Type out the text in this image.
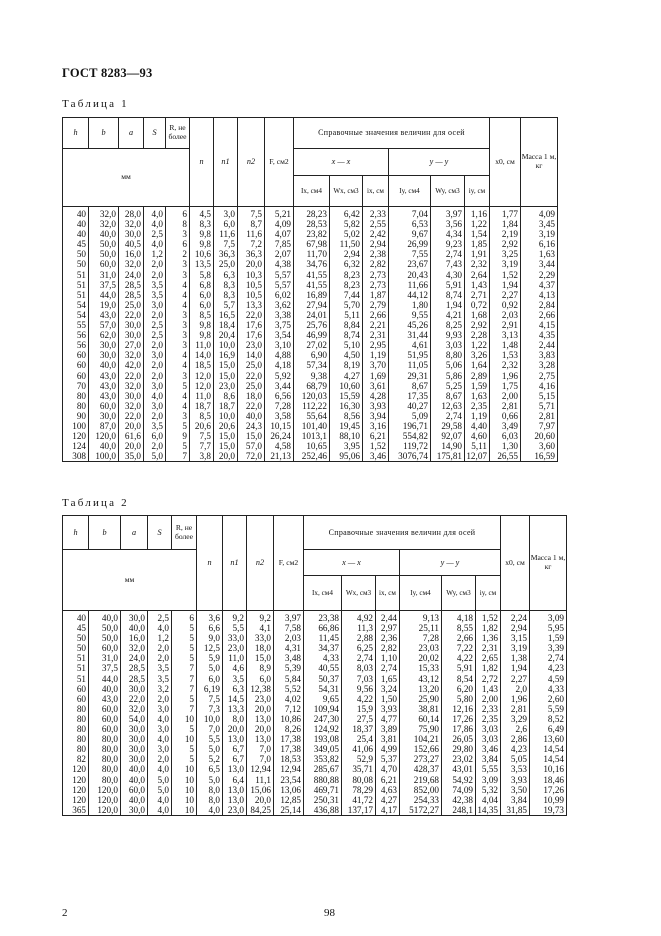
ГОСТ 8283—93
Таблица 1
h	b	a	S	R, не более	n	n1	n2	F, см2	Справочные значения величин для осей						x0, см	Масса 1 м, кг
мм									x — x			y — y				
									Ix, см4	Wx, см3	ix, см	Iy, см4	Wy, см3	iy, см		
40	32,0	28,0	4,0	6	4,5	3,0	7,5	5,21	28,23	6,42	2,33	7,04	3,97	1,16	1,77	4,09
40	32,0	32,0	4,0	8	8,3	6,0	8,7	4,09	28,53	5,82	2,55	6,53	3,56	1,22	1,84	3,45
40	40,0	30,0	2,5	3	9,8	11,6	11,6	4,07	23,82	5,02	2,42	9,67	4,34	1,54	2,19	3,19
45	50,0	40,5	4,0	6	9,8	7,5	7,2	7,85	67,98	11,50	2,94	26,99	9,23	1,85	2,92	6,16
50	50,0	16,0	1,2	2	10,6	36,3	36,3	2,07	11,70	2,94	2,38	7,55	2,74	1,91	3,25	1,63
50	60,0	32,0	2,0	3	13,5	25,0	20,0	4,38	34,76	6,32	2,82	23,67	7,43	2,32	3,19	3,44
51	31,0	24,0	2,0	3	5,8	6,3	10,3	5,57	41,55	8,23	2,73	20,43	4,30	2,64	1,52	2,29
51	37,5	28,5	3,5	4	6,8	8,3	10,5	5,57	41,55	8,23	2,73	11,66	5,91	1,43	1,94	4,37
51	44,0	28,5	3,5	4	6,0	8,3	10,5	6,02	16,89	7,44	1,87	44,12	8,74	2,71	2,27	4,13
54	19,0	25,0	3,0	4	6,0	5,7	13,3	3,62	27,94	5,70	2,79	1,80	1,94	0,72	0,92	2,84
54	43,0	22,0	2,0	3	8,5	16,5	22,0	3,38	24,01	5,11	2,66	9,55	4,21	1,68	2,03	2,66
55	57,0	30,0	2,5	3	9,8	18,4	17,6	3,75	25,76	8,84	2,21	45,26	8,25	2,92	2,91	4,15
56	62,0	30,0	2,5	3	9,8	20,4	17,6	3,54	46,99	8,74	2,31	31,44	9,93	2,28	3,13	4,35
56	30,0	27,0	2,0	3	11,0	10,0	23,0	3,10	27,02	5,10	2,95	4,61	3,03	1,22	1,48	2,44
60	30,0	32,0	3,0	4	14,0	16,9	14,0	4,88	6,90	4,50	1,19	51,95	8,80	3,26	1,53	3,83
60	40,0	42,0	2,0	4	18,5	15,0	25,0	4,18	57,34	8,19	3,70	11,05	5,06	1,64	2,32	3,28
60	43,0	22,0	2,0	3	12,0	15,0	22,0	5,92	9,38	4,27	1,69	29,31	5,86	2,89	1,96	2,75
70	43,0	32,0	3,0	5	12,0	23,0	25,0	3,44	68,79	10,60	3,61	8,67	5,25	1,59	1,75	4,16
80	43,0	30,0	4,0	4	11,0	8,6	18,0	6,56	120,03	15,59	4,28	17,35	8,67	1,63	2,00	5,15
80	60,0	32,0	3,0	4	18,7	18,7	22,0	7,28	112,22	16,30	3,93	40,27	12,63	2,35	2,81	5,71
90	30,0	22,0	2,0	3	8,5	10,0	40,0	3,58	55,64	8,56	3,94	5,09	2,74	1,19	0,66	2,81
100	87,0	20,0	3,5	5	20,6	20,6	24,3	10,15	101,40	19,45	3,16	196,71	29,58	4,40	3,49	7,97
120	120,0	61,6	6,0	9	7,5	15,0	15,0	26,24	1013,1	88,10	6,21	554,82	92,07	4,60	6,03	20,60
124	40,0	20,0	2,0	5	7,7	15,0	57,0	4,58	10,65	3,95	1,52	119,72	14,90	5,11	1,30	3,60
308	100,0	35,0	5,0	7	3,8	20,0	72,0	21,13	252,46	95,06	3,46	3076,74	175,81	12,07	26,55	16,59
Таблица 2
h	b	a	S	R, не более	n	n1	n2	F, см2	Справочные значения величин для осей						x0, см	Масса 1 м, кг
мм									x — x			y — y				
									Ix, см4	Wx, см3	ix, см	Iy, см4	Wy, см3	iy, см		
40	40,0	30,0	2,5	6	3,6	9,2	9,2	3,97	23,38	4,92	2,44	9,13	4,18	1,52	2,24	3,09
45	50,0	40,0	4,0	5	6,6	5,5	4,1	7,58	66,86	11,3	2,97	25,11	8,55	1,82	2,94	5,95
50	50,0	16,0	1,2	5	9,0	33,0	33,0	2,03	11,45	2,88	2,36	7,28	2,66	1,36	3,15	1,59
50	60,0	32,0	2,0	5	12,5	23,0	18,0	4,31	34,37	6,25	2,82	23,03	7,22	2,31	3,19	3,39
51	31,0	24,0	2,0	5	5,9	11,0	15,0	3,48	4,33	2,74	1,10	20,02	4,22	2,65	1,38	2,74
51	37,5	28,5	3,5	7	5,0	4,6	8,9	5,39	40,55	8,03	2,74	15,33	5,91	1,82	1,94	4,23
51	44,0	28,5	3,5	7	6,0	3,5	6,0	5,84	50,37	7,03	1,65	43,12	8,54	2,72	2,27	4,59
60	40,0	30,0	3,2	7	6,19	6,3	12,38	5,52	54,31	9,56	3,24	13,20	6,20	1,43	2,0	4,33
60	43,0	22,0	2,0	5	7,5	14,5	23,0	4,02	9,65	4,22	1,50	25,90	5,80	2,00	1,96	2,60
80	60,0	32,0	3,0	7	7,3	13,3	20,0	7,12	109,94	15,9	3,93	38,81	12,16	2,33	2,81	5,59
80	60,0	54,0	4,0	10	10,0	8,0	13,0	10,86	247,30	27,5	4,77	60,14	17,26	2,35	3,29	8,52
80	60,0	30,0	3,0	5	7,0	20,0	20,0	8,26	124,92	18,37	3,89	75,90	17,86	3,03	2,6	6,49
80	80,0	30,0	4,0	10	5,5	13,0	13,0	17,38	193,08	25,4	3,81	104,21	26,05	3,03	2,86	13,60
80	80,0	30,0	3,0	5	5,0	6,7	7,0	17,38	349,05	41,06	4,99	152,66	29,80	3,46	4,23	14,54
82	80,0	30,0	2,0	5	5,2	6,7	7,0	18,53	353,82	52,9	5,37	273,27	23,02	3,84	5,05	14,54
120	80,0	40,0	4,0	10	6,5	13,0	12,94	12,94	285,67	35,71	4,70	428,37	43,01	5,55	3,53	10,16
120	80,0	40,0	5,0	10	5,0	6,4	11,1	23,54	880,88	80,08	6,21	219,68	54,92	3,09	3,93	18,46
120	120,0	60,0	5,0	10	8,0	13,0	15,06	13,06	469,71	78,29	4,63	852,00	74,09	5,32	3,50	17,26
120	120,0	40,0	4,0	10	8,0	13,0	20,0	12,85	250,31	41,72	4,27	254,33	42,38	4,04	3,84	10,99
365	120,0	30,0	4,0	10	4,0	23,0	84,25	25,14	436,88	137,17	4,17	5172,27	248,1	14,35	31,85	19,73
2	98
